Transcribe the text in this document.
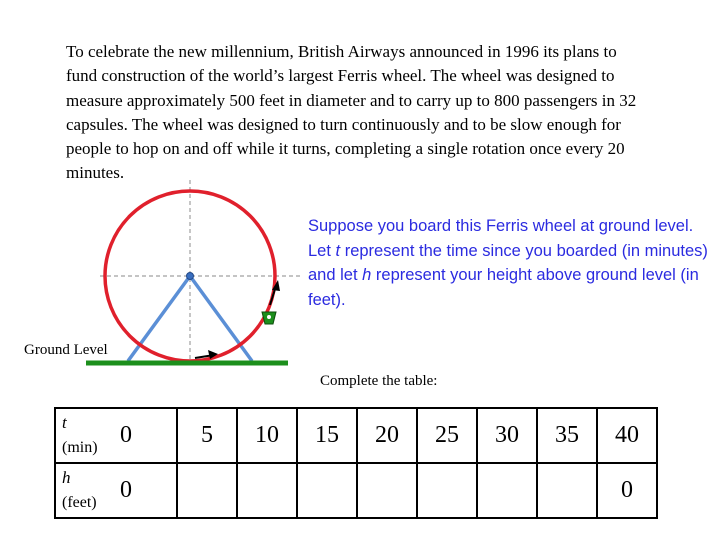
To celebrate the new millennium, British Airways announced in 1996 its plans to fund construction of the world’s largest Ferris wheel. The wheel was designed to measure approximately 500 feet in diameter and to carry up to 800 passengers in 32 capsules. The wheel was designed to turn continuously and to be slow enough for people to hop on and off while it turns, completing a single rotation once every 20 minutes.

Suppose you board this Ferris wheel at ground level. Let t represent the time since you boarded (in minutes) and let h represent your height above ground level (in feet).

Ground Level
Complete the table:
t
(min)	0	5	10	15	20	25	30	35	40

h
(feet)	0								0
